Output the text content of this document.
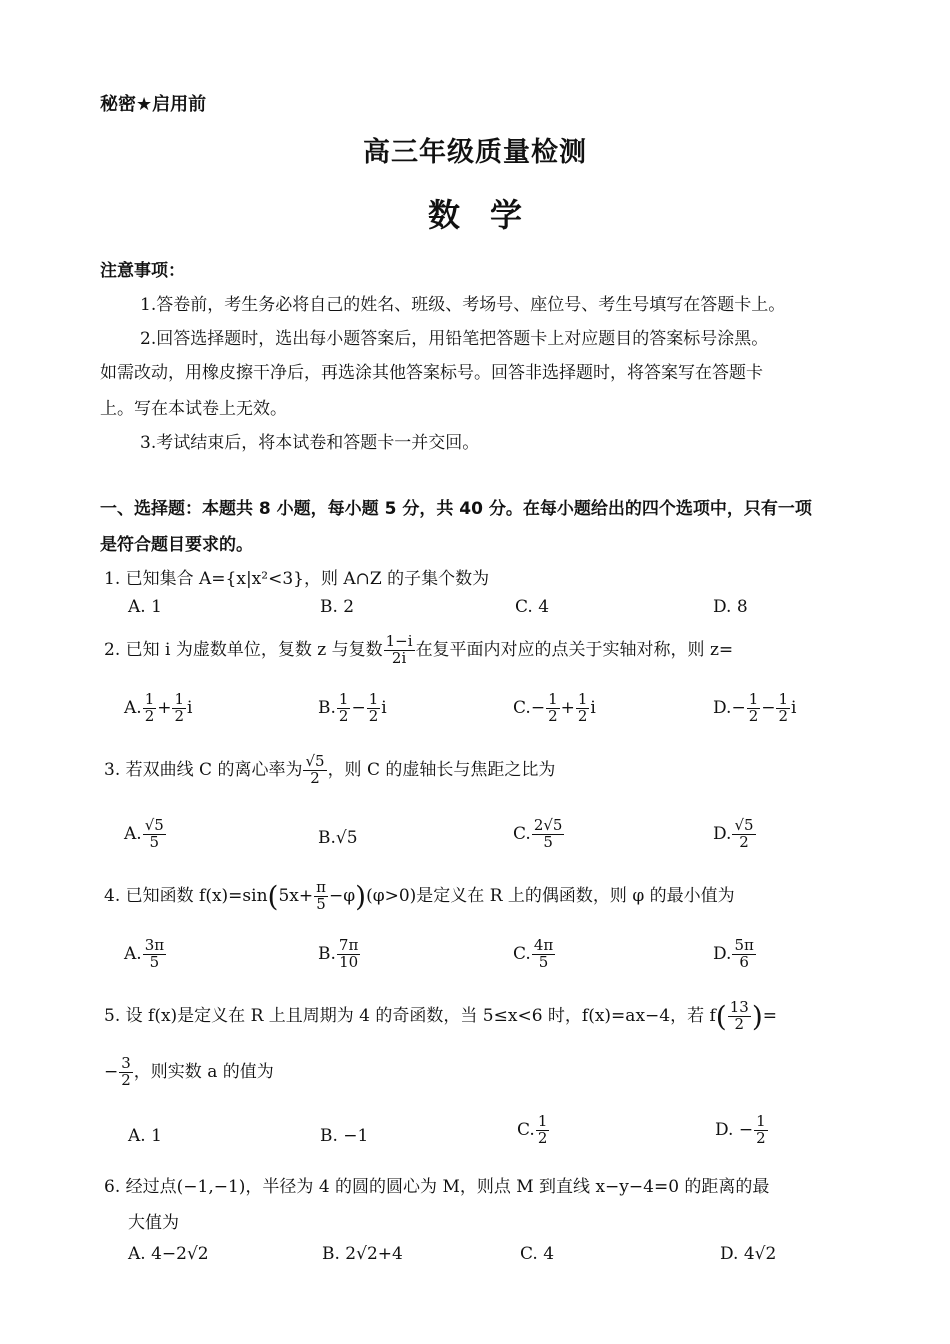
秘密★启用前
高三年级质量检测
数学
注意事项：
1.答卷前，考生务必将自己的姓名、班级、考场号、座位号、考生号填写在答题卡上。
2.回答选择题时，选出每小题答案后，用铅笔把答题卡上对应题目的答案标号涂黑。
如需改动，用橡皮擦干净后，再选涂其他答案标号。回答非选择题时，将答案写在答题卡
上。写在本试卷上无效。
3.考试结束后，将本试卷和答题卡一并交回。
一、选择题：本题共 8 小题，每小题 5 分，共 40 分。在每小题给出的四个选项中，只有一项
是符合题目要求的。
1. 已知集合 A={x|x²<3}，则 A∩Z 的子集个数为
A. 1	B. 2	C. 4	D. 8
2. 已知 i 为虚数单位，复数 z 与复数 $\frac{1-i}{2i}$ 在复平面内对应的点关于实轴对称，则 z=
A. $\frac{1}{2} + \frac{1}{2}$ i	B. $\frac{1}{2} - \frac{1}{2}$ i	$C.- \frac{1}{2} + \frac{1}{2}$ i	$D.- \frac{1}{2} - \frac{1}{2}$ i
3. 若双曲线 C 的离心率为 $\frac{√5}{2}$ ，则 C 的虚轴长与焦距之比为
A. $\frac{√5}{5}$	B.√5	C. $\frac{2√5}{5}$	D. $\frac{√5}{2}$
4. 已知函数 $f(x)=\sin(5x+ \frac{\pi}{5} -\varphi)(\varphi>0)$是定义在 R 上的偶函数，则 φ 的最小值为
A. $\frac{3\pi}{5}$	B. $\frac{7\pi}{10}$	C. $\frac{4\pi}{5}$	D. $\frac{5\pi}{6}$
5. 设 f(x)是定义在 R 上且周期为 4 的奇函数，当 5≤x<6 时，f(x)=ax−4，若 $f( \frac{13}{2}$ )=
− $\frac{3}{2}$ ，则实数 a 的值为
A. 1	B. −1	C. $\frac{1}{2}$	D. − $\frac{1}{2}$
6. 经过点(−1,−1)，半径为 4 的圆的圆心为 M，则点 M 到直线 x−y−4=0 的距离的最
大值为
A. 4−2√2	B. 2√2+4	C. 4	D. 4√2
